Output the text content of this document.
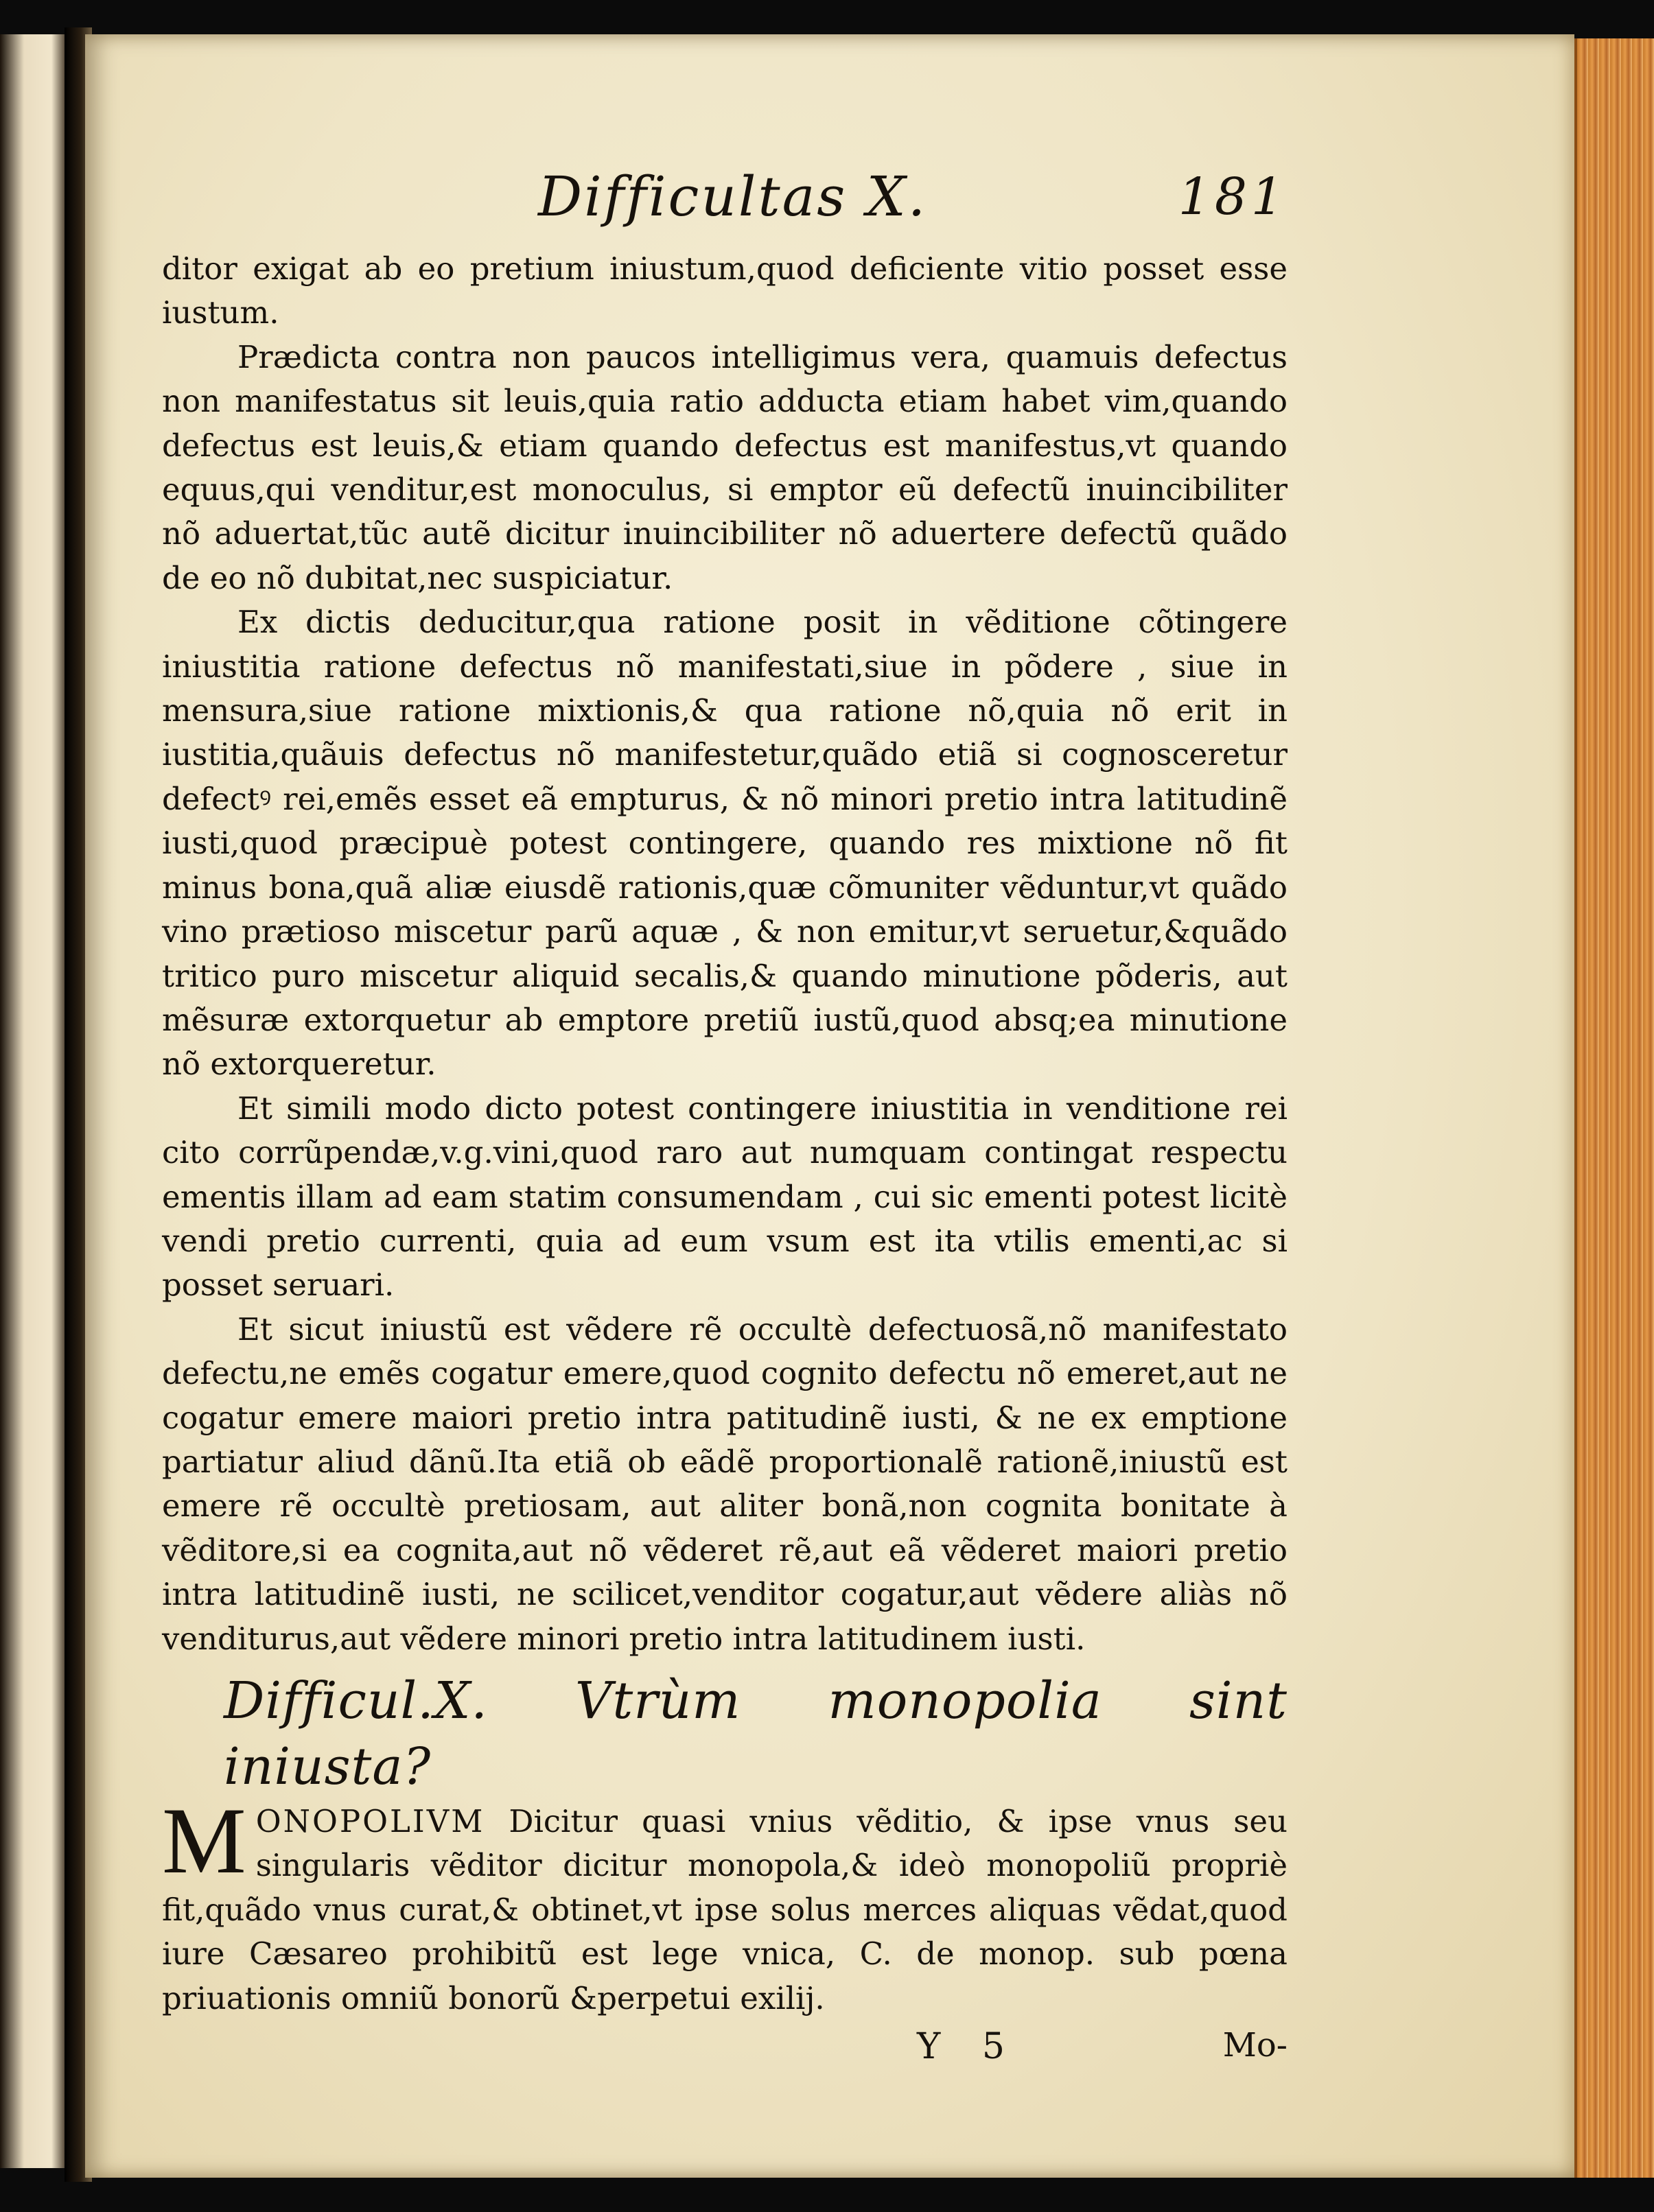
Difficultas X.	181

ditor exigat ab eo pretium iniustum,quod deficiente vitio posset esse iustum.

Prædicta contra non paucos intelligimus vera, quamuis defectus non manifestatus sit leuis,quia ratio adducta etiam habet vim,quando defectus est leuis,& etiam quando defectus est manifestus,vt quando equus,qui venditur,est monoculus, si emptor eũ defectũ inuincibiliter nõ aduertat,tũc autẽ dicitur inuincibiliter nõ aduertere defectũ quãdo de eo nõ dubitat,nec suspiciatur.

Ex dictis deducitur,qua ratione posit in vẽditione cõtingere iniustitia ratione defectus nõ manifestati,siue in põdere , siue in mensura,siue ratione mixtionis,& qua ratione nõ,quia nõ erit in iustitia,quãuis defectus nõ manifestetur,quãdo etiã si cognosceretur defectꝰ rei,emẽs esset eã empturus, & nõ minori pretio intra latitudinẽ iusti,quod præcipuè potest contingere, quando res mixtione nõ fit minus bona,quã aliæ eiusdẽ rationis,quæ cõmuniter vẽduntur,vt quãdo vino prætioso miscetur parũ aquæ , & non emitur,vt seruetur,&quãdo tritico puro miscetur aliquid secalis,& quando minutione põderis, aut mẽsuræ extorquetur ab emptore pretiũ iustũ,quod absq;ea minutione nõ extorqueretur.

Et simili modo dicto potest contingere iniustitia in venditione rei cito corrũpendæ,v.g.vini,quod raro aut numquam contingat respectu ementis illam ad eam statim consumendam , cui sic ementi potest licitè vendi pretio currenti, quia ad eum vsum est ita vtilis ementi,ac si posset seruari.

Et sicut iniustũ est vẽdere rẽ occultè defectuosã,nõ manifestato defectu,ne emẽs cogatur emere,quod cognito defectu nõ emeret,aut ne cogatur emere maiori pretio intra patitudinẽ iusti, & ne ex emptione partiatur aliud dãnũ.Ita etiã ob eãdẽ proportionalẽ rationẽ,iniustũ est emere rẽ occultè pretiosam, aut aliter bonã,non cognita bonitate à vẽditore,si ea cognita,aut nõ vẽderet rẽ,aut eã vẽderet maiori pretio intra latitudinẽ iusti, ne scilicet,venditor cogatur,aut vẽdere aliàs nõ venditurus,aut vẽdere minori pretio intra latitudinem iusti.

Difficul.X. Vtrùm monopolia sint iniusta?

MONOPOLIVM Dicitur quasi vnius vẽditio, & ipse vnus seu singularis vẽditor dicitur monopola,& ideò monopoliũ propriè fit,quãdo vnus curat,& obtinet,vt ipse solus merces aliquas vẽdat,quod iure Cæsareo prohibitũ est lege vnica, C. de monop. sub pœna priuationis omniũ bonorũ &perpetui exilij.

Y 5	Mo-
